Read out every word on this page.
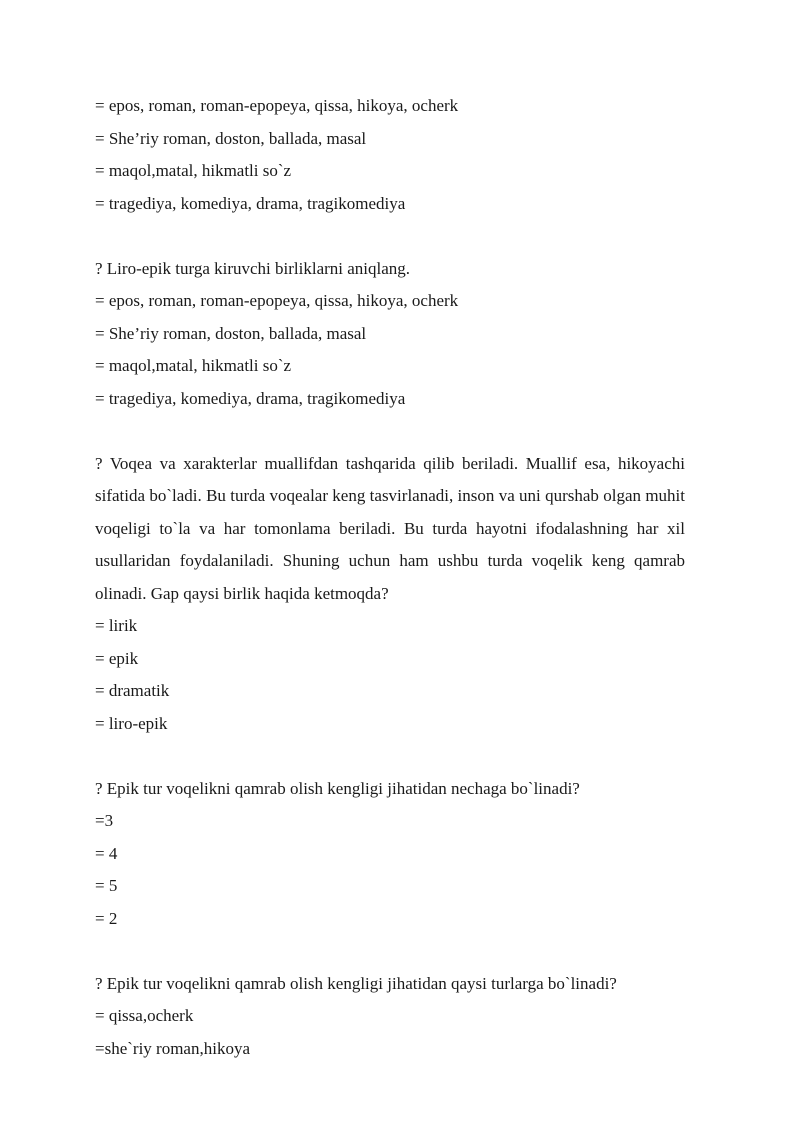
= epos, roman, roman-epopeya, qissa, hikoya, ocherk
= She’riy roman, doston, ballada, masal
= maqol,matal, hikmatli so`z
= tragediya, komediya, drama, tragikomediya
? Liro-epik turga kiruvchi birliklarni aniqlang.
= epos, roman, roman-epopeya, qissa, hikoya, ocherk
= She’riy roman, doston, ballada, masal
= maqol,matal, hikmatli so`z
= tragediya, komediya, drama, tragikomediya
? Voqea va xarakterlar muallifdan tashqarida qilib beriladi. Muallif esa, hikoyachi sifatida bo`ladi. Bu turda voqealar keng tasvirlanadi, inson va uni qurshab olgan muhit voqeligi to`la va har tomonlama beriladi. Bu turda hayotni ifodalashning har xil usullaridan foydalaniladi. Shuning uchun ham ushbu turda voqelik keng qamrab olinadi. Gap qaysi birlik haqida ketmoqda?
= lirik
= epik
= dramatik
= liro-epik
? Epik tur voqelikni qamrab olish kengligi jihatidan nechaga bo`linadi?
=3
= 4
= 5
= 2
? Epik tur voqelikni qamrab olish kengligi jihatidan qaysi turlarga bo`linadi?
= qissa,ocherk
=she`riy roman,hikoya
